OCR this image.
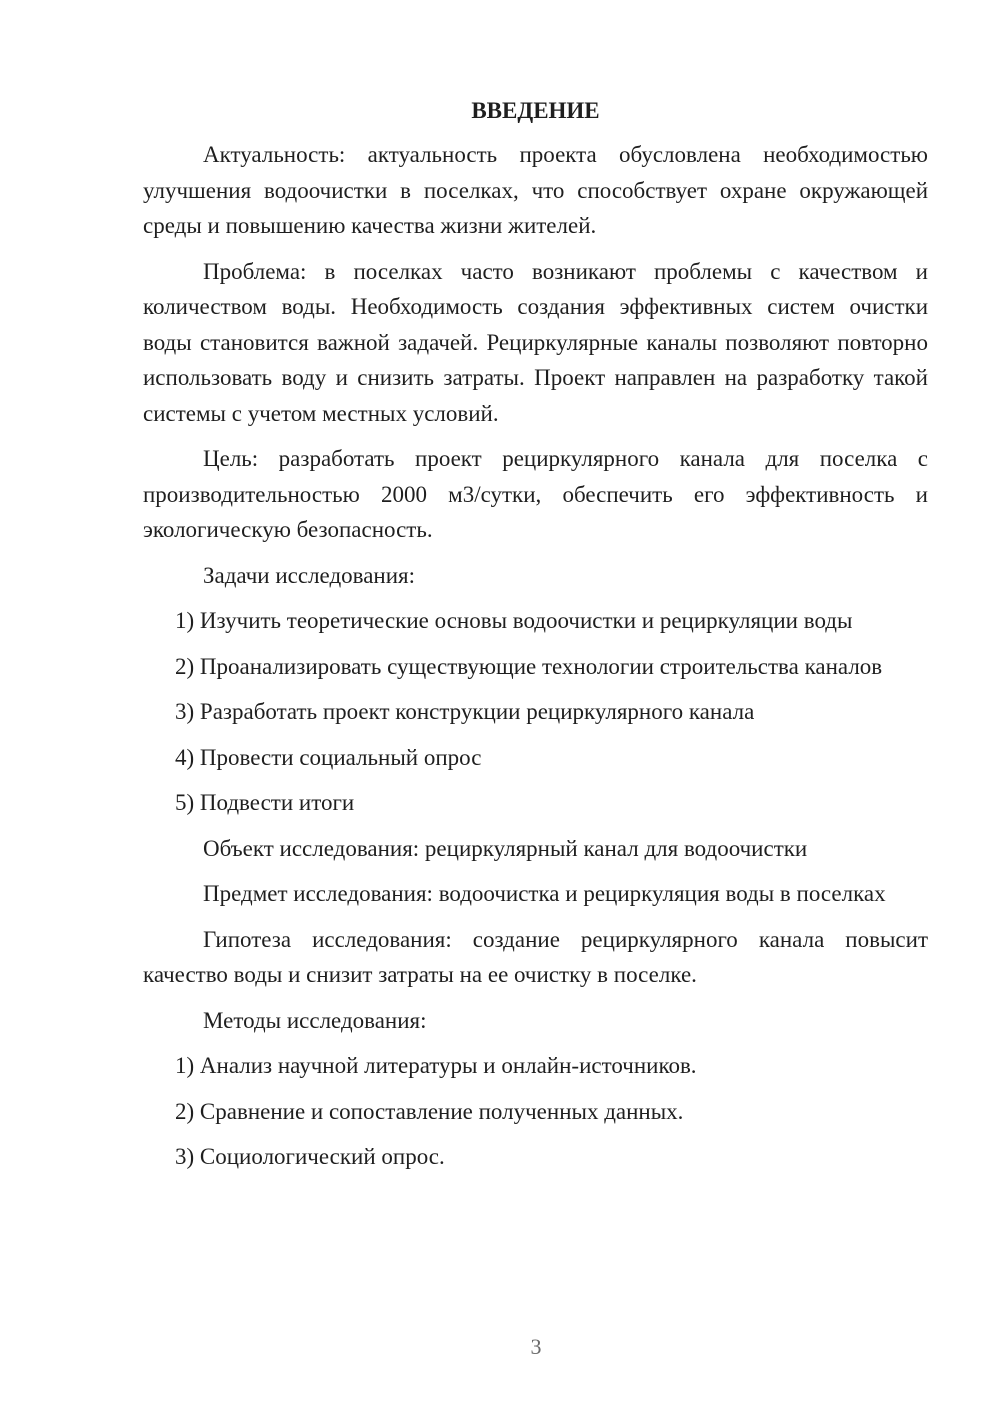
ВВЕДЕНИЕ

Актуальность: актуальность проекта обусловлена необходимостью улучшения водоочистки в поселках, что способствует охране окружающей среды и повышению качества жизни жителей.

Проблема: в поселках часто возникают проблемы с качеством и количеством воды. Необходимость создания эффективных систем очистки воды становится важной задачей. Рециркулярные каналы позволяют повторно использовать воду и снизить затраты. Проект направлен на разработку такой системы с учетом местных условий.

Цель: разработать проект рециркулярного канала для поселка с производительностью 2000 м3/сутки, обеспечить его эффективность и экологическую безопасность.

Задачи исследования:

1) Изучить теоретические основы водоочистки и рециркуляции воды

2) Проанализировать существующие технологии строительства каналов

3) Разработать проект конструкции рециркулярного канала

4) Провести социальный опрос

5) Подвести итоги

Объект исследования: рециркулярный канал для водоочистки

Предмет исследования: водоочистка и рециркуляция воды в поселках

Гипотеза исследования: создание рециркулярного канала повысит качество воды и снизит затраты на ее очистку в поселке.

Методы исследования:

1) Анализ научной литературы и онлайн-источников.

2) Сравнение и сопоставление полученных данных.

3) Социологический опрос.

3
